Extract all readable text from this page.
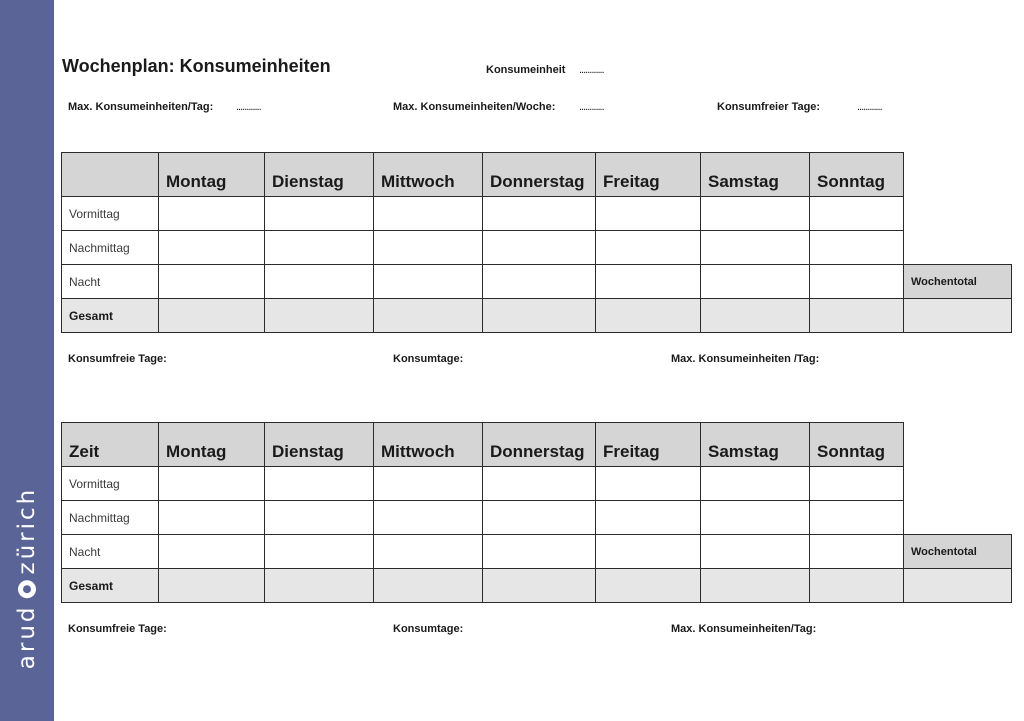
arud
zürich
Wochenplan: Konsumeinheiten	Konsumeinheit ............
Max. Konsumeinheiten/Tag: ............	Max. Konsumeinheiten/Woche: ............	Konsumfreier Tage:	............
	Montag	Dienstag	Mittwoch	Donnerstag	Freitag	Samstag	Sonntag	
Vormittag								
Nachmittag								
Nacht								Wochentotal
Gesamt								
Konsumfreie Tage:	Konsumtage:	Max. Konsumeinheiten /Tag:
Zeit	Montag	Dienstag	Mittwoch	Donnerstag	Freitag	Samstag	Sonntag	
Vormittag								
Nachmittag								
Nacht								Wochentotal
Gesamt								
Konsumfreie Tage:	Konsumtage:	Max. Konsumeinheiten/Tag:
